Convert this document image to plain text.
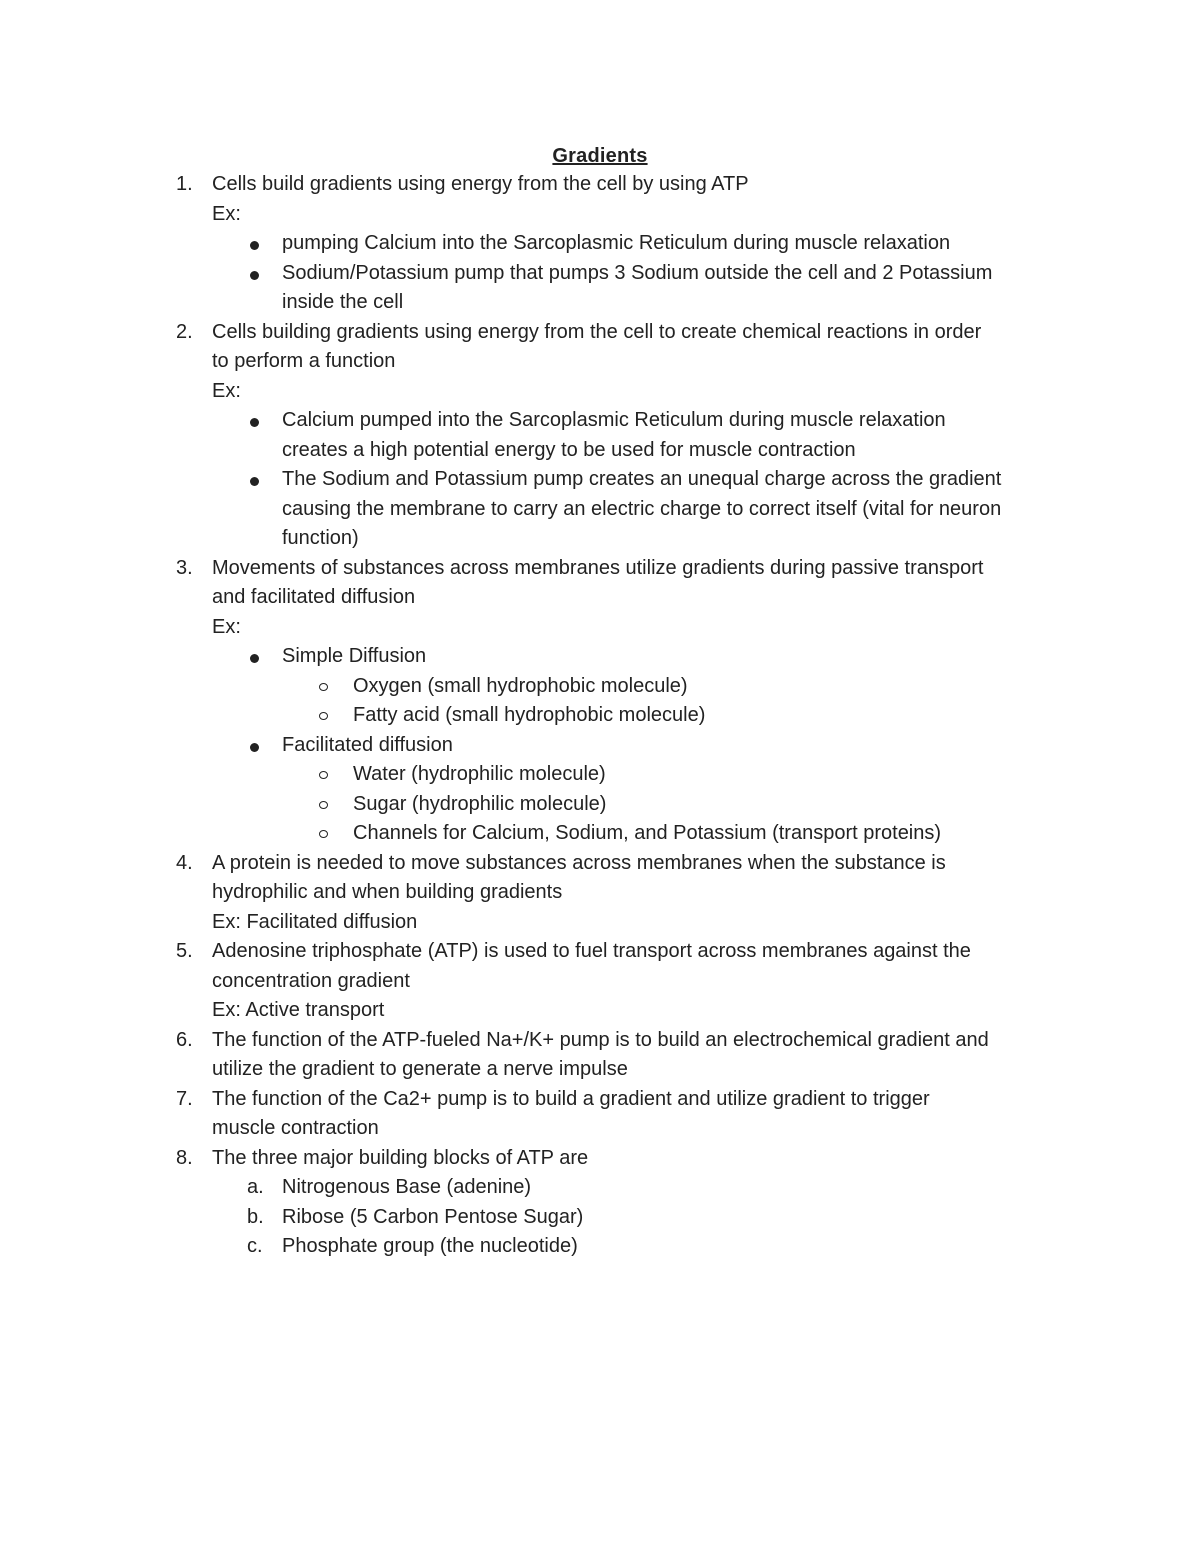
Gradients
1. Cells build gradients using energy from the cell by using ATP
Ex:
pumping Calcium into the Sarcoplasmic Reticulum during muscle relaxation
Sodium/Potassium pump that pumps 3 Sodium outside the cell and 2 Potassium
inside the cell
2. Cells building gradients using energy from the cell to create chemical reactions in order
to perform a function
Ex:
Calcium pumped into the Sarcoplasmic Reticulum during muscle relaxation
creates a high potential energy to be used for muscle contraction
The Sodium and Potassium pump creates an unequal charge across the gradient
causing the membrane to carry an electric charge to correct itself (vital for neuron
function)
3. Movements of substances across membranes utilize gradients during passive transport
and facilitated diffusion
Ex:
Simple Diffusion
Oxygen (small hydrophobic molecule)
Fatty acid (small hydrophobic molecule)
Facilitated diffusion
Water (hydrophilic molecule)
Sugar (hydrophilic molecule)
Channels for Calcium, Sodium, and Potassium (transport proteins)
4. A protein is needed to move substances across membranes when the substance is
hydrophilic and when building gradients
Ex: Facilitated diffusion
5. Adenosine triphosphate (ATP) is used to fuel transport across membranes against the
concentration gradient
Ex: Active transport
6. The function of the ATP-fueled Na+/K+ pump is to build an electrochemical gradient and
utilize the gradient to generate a nerve impulse
7. The function of the Ca2+ pump is to build a gradient and utilize gradient to trigger
muscle contraction
8. The three major building blocks of ATP are
a. Nitrogenous Base (adenine)
b. Ribose (5 Carbon Pentose Sugar)
c. Phosphate group (the nucleotide)
